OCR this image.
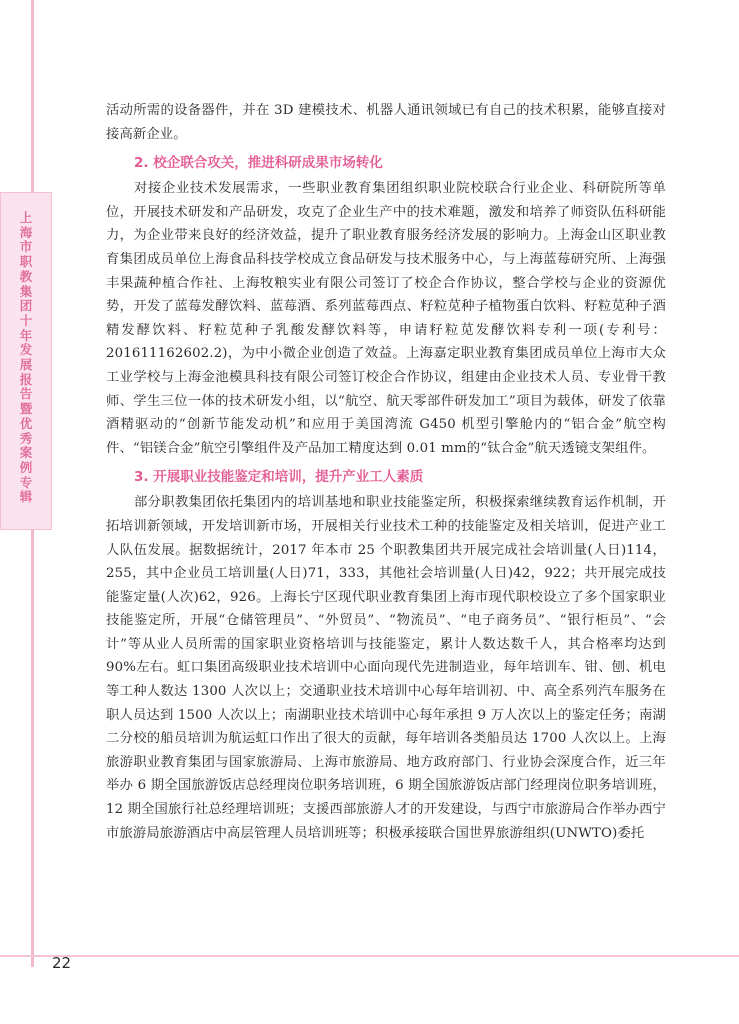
上
海
市
职
教
集
团
十
年
发
展
报
告
暨
优
秀
案
例
专
辑

活动所需的设备器件，并在 3D 建模技术、机器人通讯领域已有自己的技术积累，能够直接对接高新企业。

2. 校企联合攻关，推进科研成果市场转化

对接企业技术发展需求，一些职业教育集团组织职业院校联合行业企业、科研院所等单位，开展技术研发和产品研发，攻克了企业生产中的技术难题，激发和培养了师资队伍科研能力，为企业带来良好的经济效益，提升了职业教育服务经济发展的影响力。上海金山区职业教育集团成员单位上海食品科技学校成立食品研发与技术服务中心，与上海蓝莓研究所、上海强丰果蔬种植合作社、上海牧粮实业有限公司签订了校企合作协议，整合学校与企业的资源优势，开发了蓝莓发酵饮料、蓝莓酒、系列蓝莓西点、籽粒苋种子植物蛋白饮料、籽粒苋种子酒精发酵饮料、籽粒苋种子乳酸发酵饮料等，申请籽粒苋发酵饮料专利一项(专利号：201611162602.2)，为中小微企业创造了效益。上海嘉定职业教育集团成员单位上海市大众工业学校与上海金池模具科技有限公司签订校企合作协议，组建由企业技术人员、专业骨干教师、学生三位一体的技术研发小组，以“航空、航天零部件研发加工”项目为载体，研发了依靠酒精驱动的“创新节能发动机”和应用于美国湾流 G450 机型引擎舱内的“铝合金”航空构件、“铝镁合金”航空引擎组件及产品加工精度达到 0.01 mm的“钛合金”航天透镜支架组件。

3. 开展职业技能鉴定和培训，提升产业工人素质

部分职教集团依托集团内的培训基地和职业技能鉴定所，积极探索继续教育运作机制，开拓培训新领域，开发培训新市场，开展相关行业技术工种的技能鉴定及相关培训，促进产业工人队伍发展。据数据统计，2017 年本市 25 个职教集团共开展完成社会培训量(人日)114，255，其中企业员工培训量(人日)71，333，其他社会培训量(人日)42，922；共开展完成技能鉴定量(人次)62，926。上海长宁区现代职业教育集团上海市现代职校设立了多个国家职业技能鉴定所，开展“仓储管理员”、“外贸员”、“物流员”、“电子商务员”、“银行柜员”、“会计”等从业人员所需的国家职业资格培训与技能鉴定，累计人数达数千人，其合格率均达到 90%左右。虹口集团高级职业技术培训中心面向现代先进制造业，每年培训车、钳、刨、机电等工种人数达 1300 人次以上；交通职业技术培训中心每年培训初、中、高全系列汽车服务在职人员达到 1500 人次以上；南湖职业技术培训中心每年承担 9 万人次以上的鉴定任务；南湖二分校的船员培训为航运虹口作出了很大的贡献，每年培训各类船员达 1700 人次以上。上海旅游职业教育集团与国家旅游局、上海市旅游局、地方政府部门、行业协会深度合作，近三年举办 6 期全国旅游饭店总经理岗位职务培训班，6 期全国旅游饭店部门经理岗位职务培训班，12 期全国旅行社总经理培训班；支援西部旅游人才的开发建设，与西宁市旅游局合作举办西宁市旅游局旅游酒店中高层管理人员培训班等；积极承接联合国世界旅游组织(UNWTO)委托

22
